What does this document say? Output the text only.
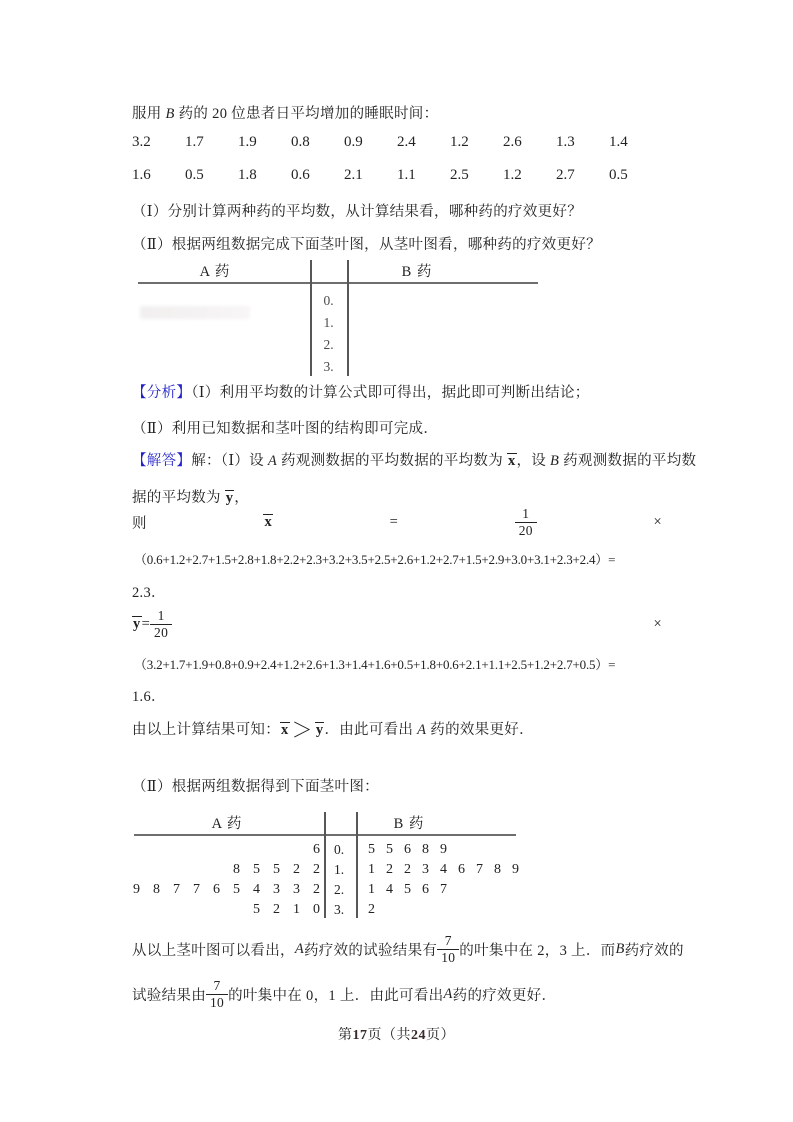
服用 B 药的 20 位患者日平均增加的睡眠时间：
3.2	1.7	1.9	0.8	0.9	2.4	1.2	2.6	1.3	1.4
1.6	0.5	1.8	0.6	2.1	1.1	2.5	1.2	2.7	0.5
（Ⅰ）分别计算两种药的平均数，从计算结果看，哪种药的疗效更好？
（Ⅱ）根据两组数据完成下面茎叶图，从茎叶图看，哪种药的疗效更好？
A 药	B 药
0.
1.
2.
3.
【分析】（Ⅰ）利用平均数的计算公式即可得出，据此即可判断出结论；
（Ⅱ）利用已知数据和茎叶图的结构即可完成．
【解答】解：（Ⅰ）设 A 药观测数据的平均数据的平均数为 x，设 B 药观测数据的平均数
据的平均数为 y，
则	x	=	$\frac{1}{20}$	×
（0.6+1.2+2.7+1.5+2.8+1.8+2.2+2.3+3.2+3.5+2.5+2.6+1.2+2.7+1.5+2.9+3.0+3.1+2.3+2.4）=
2.3．
$y = \frac{1}{20}$	×
（3.2+1.7+1.9+0.8+0.9+2.4+1.2+2.6+1.3+1.4+1.6+0.5+1.8+0.6+2.1+1.1+2.5+1.2+2.7+0.5）=
1.6．
由以上计算结果可知：x ＞ y．由此可看出 A 药的效果更好．
（Ⅱ）根据两组数据得到下面茎叶图：
A 药	B 药
6	0.	5 5 6 8 9
8 5 5 2 2	1.	1 2 2 3 4 6 7 8 9
9 8 7 7 6 5 4 3 3 2	2.	1 4 5 6 7
5 2 1 0	3.	2
从以上茎叶图可以看出， A 药疗效的试验结果有 $\frac{7}{10}$ 的叶集中在 2，3 上．而 B 药疗效的
试验结果由 $\frac{7}{10}$ 的叶集中在 0，1 上．由此可看出 A 药的疗效更好．
第17页（共24页）
